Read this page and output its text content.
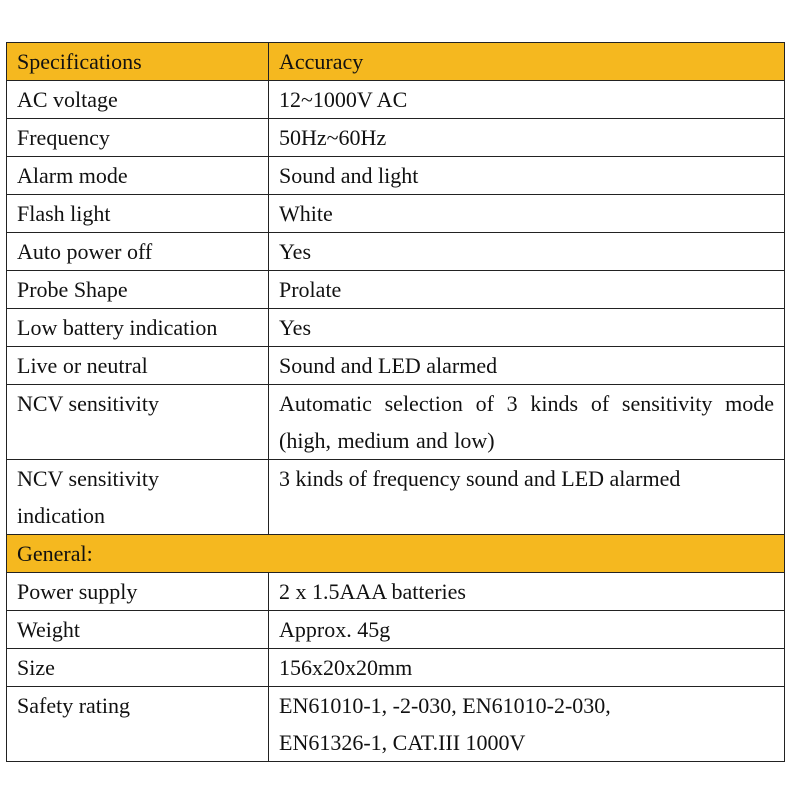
Specifications	Accuracy
AC voltage	12~1000V AC
Frequency	50Hz~60Hz
Alarm mode	Sound and light
Flash light	White
Auto power off	Yes
Probe Shape	Prolate
Low battery indication	Yes
Live or neutral	Sound and LED alarmed
NCV sensitivity	Automatic selection of 3 kinds of sensitivity mode (high, medium and low)
NCV sensitivity indication	3 kinds of frequency sound and LED alarmed
General:	
Power supply	2 x 1.5AAA batteries
Weight	Approx. 45g
Size	156x20x20mm
Safety rating	EN61010-1, -2-030, EN61010-2-030, EN61326-1, CAT.III 1000V
